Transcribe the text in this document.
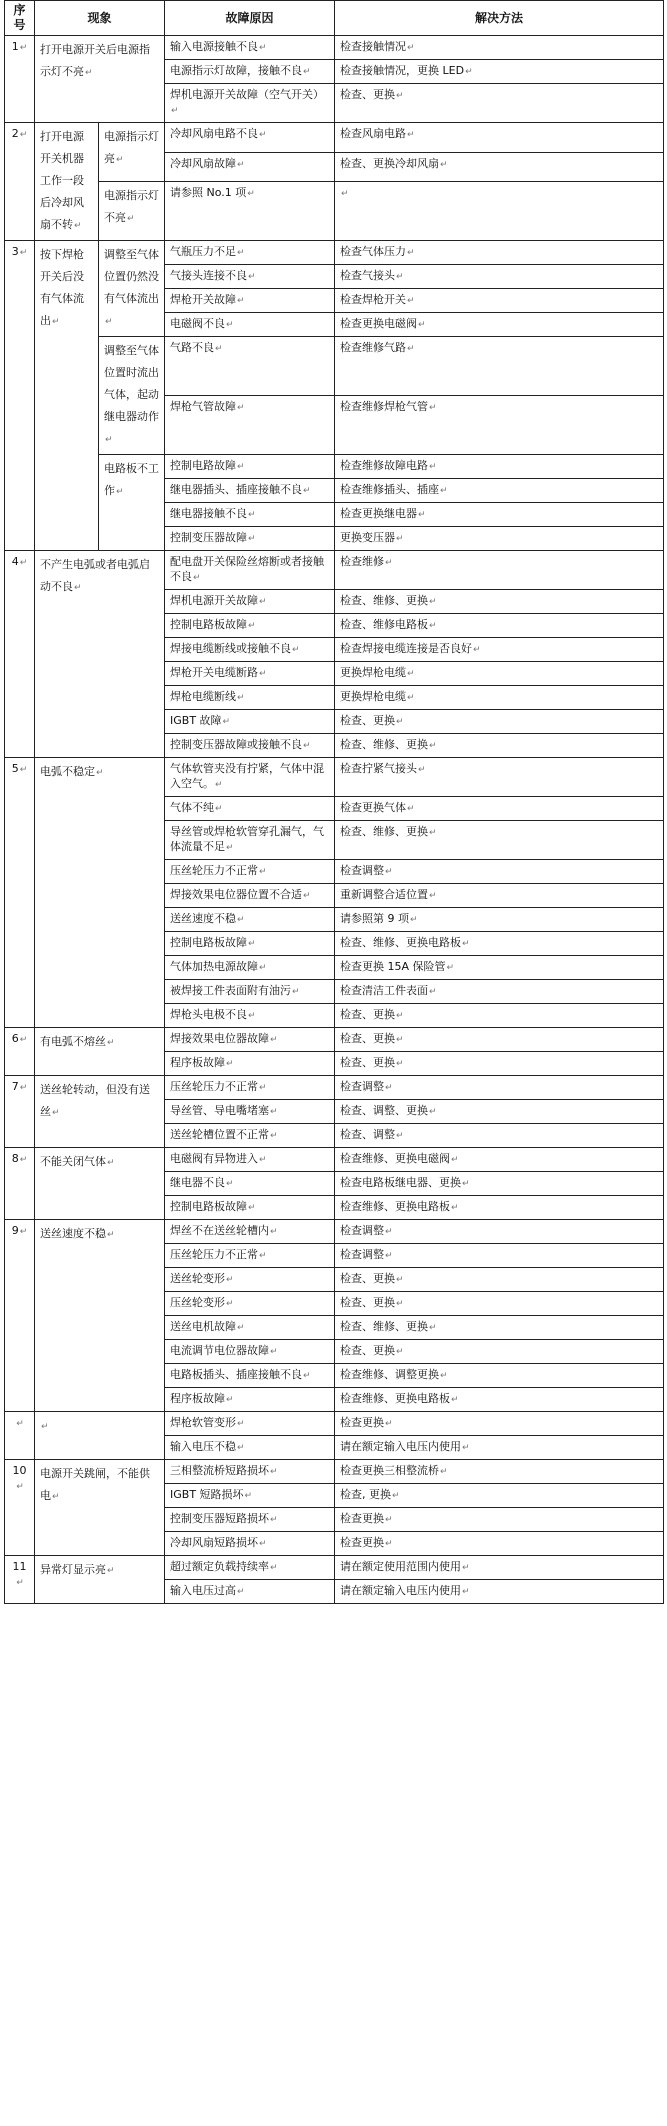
序号	现象		故障原因	解决方法
1↵	打开电源开关后电源指示灯不亮↵		输入电源接触不良↵	检查接触情况↵
			电源指示灯故障，接触不良↵	检查接触情况，更换 LED↵
			焊机电源开关故障（空气开关）↵	检查、更换↵
2↵	打开电源开关机器工作一段后冷却风扇不转↵	电源指示灯亮↵	冷却风扇电路不良↵	检查风扇电路↵
			冷却风扇故障↵	检查、更换冷却风扇↵
		电源指示灯不亮↵	请参照 No.1 项↵	↵
3↵	按下焊枪开关后没有气体流出↵	调整至气体位置仍然没有气体流出↵	气瓶压力不足↵	检查气体压力↵
			气接头连接不良↵	检查气接头↵
			焊枪开关故障↵	检查焊枪开关↵
			电磁阀不良↵	检查更换电磁阀↵
		调整至气体位置时流出气体，起动继电器动作↵	气路不良↵	检查维修气路↵
			焊枪气管故障↵	检查维修焊枪气管↵
		电路板不工作↵	控制电路故障↵	检查维修故障电路↵
			继电器插头、插座接触不良↵	检查维修插头、插座↵
			继电器接触不良↵	检查更换继电器↵
			控制变压器故障↵	更换变压器↵
4↵	不产生电弧或者电弧启动不良↵		配电盘开关保险丝熔断或者接触不良↵	检查维修↵
			焊机电源开关故障↵	检查、维修、更换↵
			控制电路板故障↵	检查、维修电路板↵
			焊接电缆断线或接触不良↵	检查焊接电缆连接是否良好↵
			焊枪开关电缆断路↵	更换焊枪电缆↵
			焊枪电缆断线↵	更换焊枪电缆↵
			IGBT 故障↵	检查、更换↵
			控制变压器故障或接触不良↵	检查、维修、更换↵
5↵	电弧不稳定↵		气体软管夹没有拧紧，气体中混入空气。↵	检查拧紧气接头↵
			气体不纯↵	检查更换气体↵
			导丝管或焊枪软管穿孔漏气，气体流量不足↵	检查、维修、更换↵
			压丝轮压力不正常↵	检查调整↵
			焊接效果电位器位置不合适↵	重新调整合适位置↵
			送丝速度不稳↵	请参照第 9 项↵
			控制电路板故障↵	检查、维修、更换电路板↵
			气体加热电源故障↵	检查更换 15A 保险管↵
			被焊接工件表面附有油污↵	检查清洁工件表面↵
			焊枪头电极不良↵	检查、更换↵
6↵	有电弧不熔丝↵		焊接效果电位器故障↵	检查、更换↵
			程序板故障↵	检查、更换↵
7↵	送丝轮转动，但没有送丝↵		压丝轮压力不正常↵	检查调整↵
			导丝管、导电嘴堵塞↵	检查、调整、更换↵
			送丝轮槽位置不正常↵	检查、调整↵
8↵	不能关闭气体↵		电磁阀有异物进入↵	检查维修、更换电磁阀↵
			继电器不良↵	检查电路板继电器、更换↵
			控制电路板故障↵	检查维修、更换电路板↵
9↵	送丝速度不稳↵		焊丝不在送丝轮槽内↵	检查调整↵
			压丝轮压力不正常↵	检查调整↵
			送丝轮变形↵	检查、更换↵
			压丝轮变形↵	检查、更换↵
			送丝电机故障↵	检查、维修、更换↵
			电流调节电位器故障↵	检查、更换↵
			电路板插头、插座接触不良↵	检查维修、调整更换↵
			程序板故障↵	检查维修、更换电路板↵
↵	↵		焊枪软管变形↵	检查更换↵
			输入电压不稳↵	请在额定输入电压内使用↵
10↵	电源开关跳闸，不能供电↵		三相整流桥短路损坏↵	检查更换三相整流桥↵
			IGBT 短路损坏↵	检查, 更换↵
			控制变压器短路损坏↵	检查更换↵
			冷却风扇短路损坏↵	检查更换↵
11↵	异常灯显示亮↵		超过额定负载持续率↵	请在额定使用范围内使用↵
			输入电压过高↵	请在额定输入电压内使用↵
